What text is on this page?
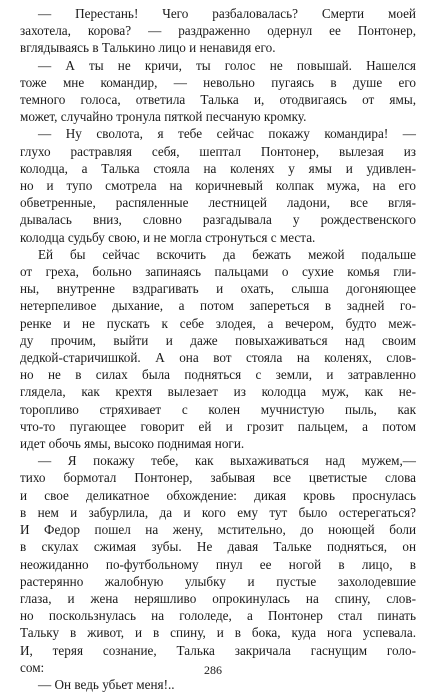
— Перестань! Чего разбаловалась? Смерти моей
захотела, корова? — раздраженно одернул ее Понтонер,
вглядываясь в Талькино лицо и ненавидя его.

— А ты не кричи, ты голос не повышай. Нашелся
тоже мне командир, — невольно пугаясь в душе его
темного голоса, ответила Талька и, отодвигаясь от ямы,
может, случайно тронула пяткой песчаную кромку.

— Ну сволота, я тебе сейчас покажу командира! —
глухо растравляя себя, шептал Понтонер, вылезая из
колодца, а Талька стояла на коленях у ямы и удивлен-
но и тупо смотрела на коричневый колпак мужа, на его
обветренные, распяленные лестницей ладони, все вгля-
дывалась вниз, словно разгадывала у рождественского
колодца судьбу свою, и не могла стронуться с места.

Ей бы сейчас вскочить да бежать межой подальше
от греха, больно запинаясь пальцами о сухие комья гли-
ны, внутренне вздрагивать и охать, слыша догоняющее
нетерпеливое дыхание, а потом запереться в задней го-
ренке и не пускать к себе злодея, а вечером, будто меж-
ду прочим, выйти и даже повыхаживаться над своим
дедкой-старичишкой. А она вот стояла на коленях, слов-
но не в силах была подняться с земли, и затравленно
глядела, как крехтя вылезает из колодца муж, как не-
торопливо стряхивает с колен мучнистую пыль, как
что-то пугающее говорит ей и грозит пальцем, а потом
идет обочь ямы, высоко поднимая ноги.

— Я покажу тебе, как выхаживаться над мужем,—
тихо бормотал Понтонер, забывая все цветистые слова
и свое деликатное обхождение: дикая кровь проснулась
в нем и забурлила, да и кого ему тут было остерегаться?
И Федор пошел на жену, мстительно, до ноющей боли
в скулах сжимая зубы. Не давая Тальке подняться, он
неожиданно по-футбольному пнул ее ногой в лицо, в
растерянно жалобную улыбку и пустые захолодевшие
глаза, и жена неряшливо опрокинулась на спину, слов-
но поскользнулась на гололеде, а Понтонер стал пинать
Тальку в живот, и в спину, и в бока, куда нога успевала.
И, теряя сознание, Талька закричала гаснущим голо-
сом:

— Он ведь убьет меня!..

286
